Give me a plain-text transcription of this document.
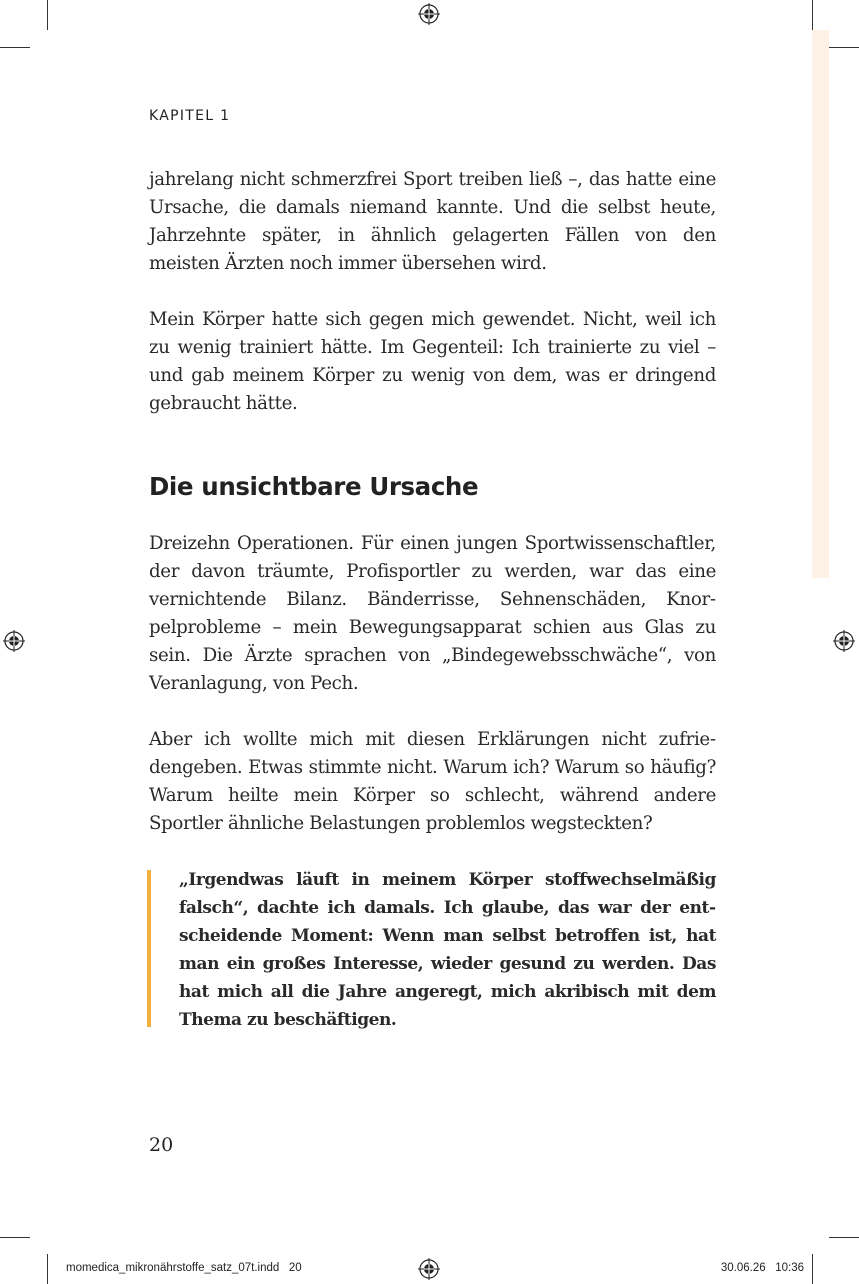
KAPITEL 1

jahrelang nicht schmerzfrei Sport treiben ließ –, das hatte eine Ursache, die damals niemand kannte. Und die selbst heute, Jahrzehnte später, in ähnlich gelagerten Fällen von den meisten Ärzten noch immer übersehen wird.

Mein Körper hatte sich gegen mich gewendet. Nicht, weil ich zu wenig trainiert hätte. Im Gegenteil: Ich trainierte zu viel – und gab meinem Körper zu wenig von dem, was er dringend gebraucht hätte.

Die unsichtbare Ursache

Dreizehn Operationen. Für einen jungen Sportwissenschaftler, der davon träumte, Profisportler zu werden, war das eine vernichtende Bilanz. Bänderrisse, Sehnenschäden, Knorpelprobleme – mein Bewegungsapparat schien aus Glas zu sein. Die Ärzte sprachen von „Bindegewebsschwäche“, von Veranlagung, von Pech.

Aber ich wollte mich mit diesen Erklärungen nicht zufriedengeben. Etwas stimmte nicht. Warum ich? Warum so häufig? Warum heilte mein Körper so schlecht, während andere Sportler ähnliche Belastungen problemlos wegsteckten?

„Irgendwas läuft in meinem Körper stoffwechselmäßig falsch“, dachte ich damals. Ich glaube, das war der entscheidende Moment: Wenn man selbst betroffen ist, hat man ein großes Interesse, wieder gesund zu werden. Das hat mich all die Jahre angeregt, mich akribisch mit dem Thema zu beschäftigen.

20

momedica_mikronährstoffe_satz_07t.indd   20	30.06.26   10:36
